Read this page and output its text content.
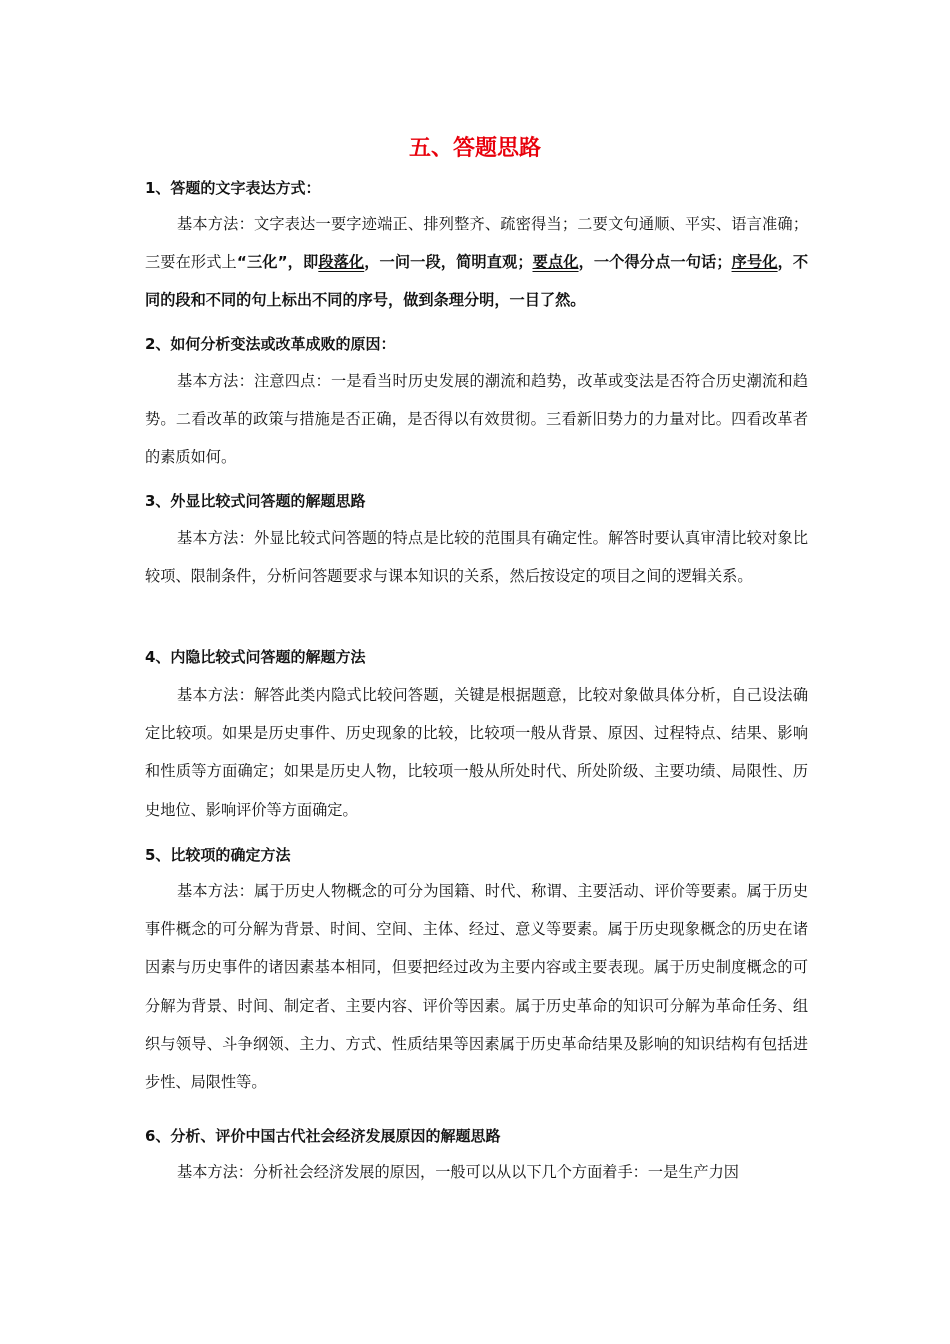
五、答题思路
1、答题的文字表达方式：

基本方法：文字表达一要字迹端正、排列整齐、疏密得当；二要文句通顺、平实、语言准确；三要在形式上“三化”，即段落化，一问一段，简明直观；要点化，一个得分点一句话；序号化，不同的段和不同的句上标出不同的序号，做到条理分明，一目了然。

2、如何分析变法或改革成败的原因：

基本方法：注意四点：一是看当时历史发展的潮流和趋势，改革或变法是否符合历史潮流和趋势。二看改革的政策与措施是否正确，是否得以有效贯彻。三看新旧势力的力量对比。四看改革者的素质如何。

3、外显比较式问答题的解题思路

基本方法：外显比较式问答题的特点是比较的范围具有确定性。解答时要认真审清比较对象比较项、限制条件，分析问答题要求与课本知识的关系，然后按设定的项目之间的逻辑关系。

4、内隐比较式问答题的解题方法

基本方法：解答此类内隐式比较问答题，关键是根据题意，比较对象做具体分析，自己设法确定比较项。如果是历史事件、历史现象的比较，比较项一般从背景、原因、过程特点、结果、影响和性质等方面确定；如果是历史人物，比较项一般从所处时代、所处阶级、主要功绩、局限性、历史地位、影响评价等方面确定。

5、比较项的确定方法

基本方法：属于历史人物概念的可分为国籍、时代、称谓、主要活动、评价等要素。属于历史事件概念的可分解为背景、时间、空间、主体、经过、意义等要素。属于历史现象概念的历史在诸因素与历史事件的诸因素基本相同，但要把经过改为主要内容或主要表现。属于历史制度概念的可分解为背景、时间、制定者、主要内容、评价等因素。属于历史革命的知识可分解为革命任务、组织与领导、斗争纲领、主力、方式、性质结果等因素属于历史革命结果及影响的知识结构有包括进步性、局限性等。

6、分析、评价中国古代社会经济发展原因的解题思路

基本方法：分析社会经济发展的原因，一般可以从以下几个方面着手：一是生产力因
